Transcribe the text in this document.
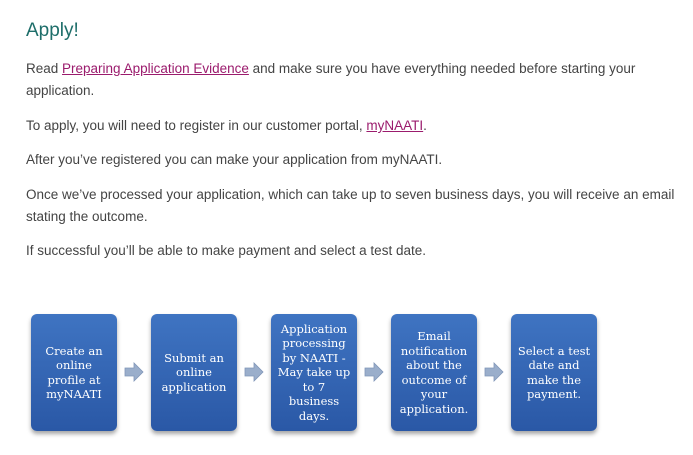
Apply!

Read Preparing Application Evidence and make sure you have everything needed before starting your application.

To apply, you will need to register in our customer portal, myNAATI.

After you’ve registered you can make your application from myNAATI.

Once we’ve processed your application, which can take up to seven business days, you will receive an email stating the outcome.

If successful you’ll be able to make payment and select a test date.

Create an online profile at myNAATI
Submit an online application
Application processing by NAATI - May take up to 7 business days.
Email notification about the outcome of your application.
Select a test date and make the payment.
